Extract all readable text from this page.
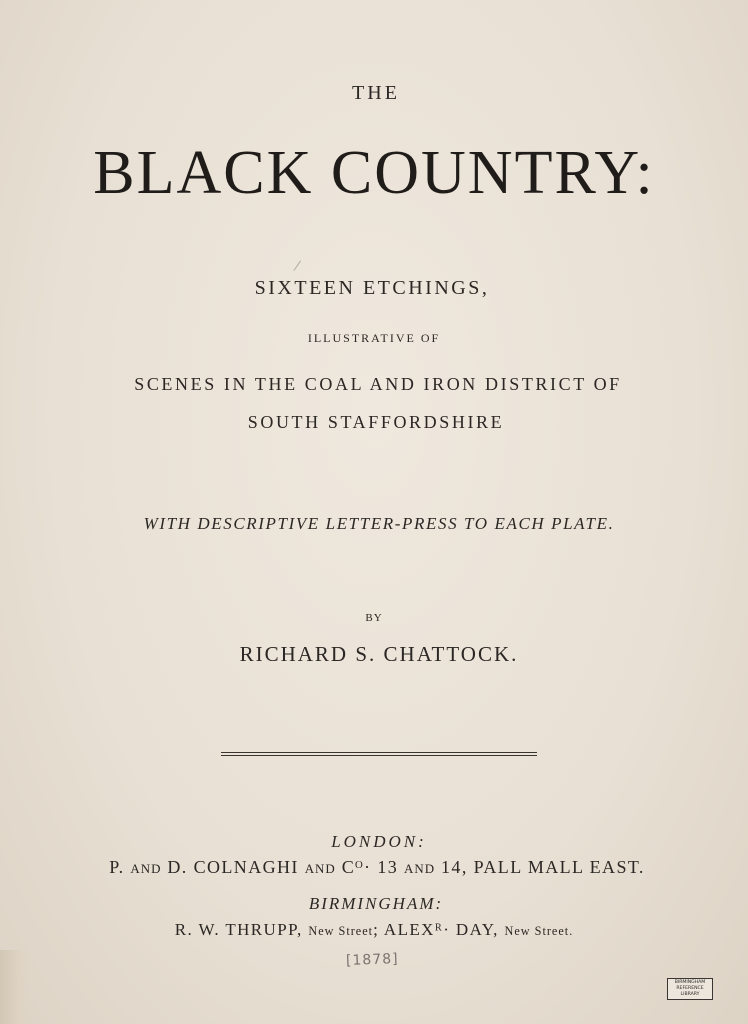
THE
BLACK COUNTRY:
SIXTEEN ETCHINGS,
ILLUSTRATIVE OF
SCENES IN THE COAL AND IRON DISTRICT OF
SOUTH STAFFORDSHIRE
WITH DESCRIPTIVE LETTER-PRESS TO EACH PLATE.
BY
RICHARD S. CHATTOCK.
LONDON:
P. AND D. COLNAGHI AND Cᴼ· 13 AND 14, PALL MALL EAST.
BIRMINGHAM:
R. W. THRUPP, New Street; ALEXᴿ· DAY, New Street.
[1878]
BIRMINGHAM
REFERENCE
LIBRARY
